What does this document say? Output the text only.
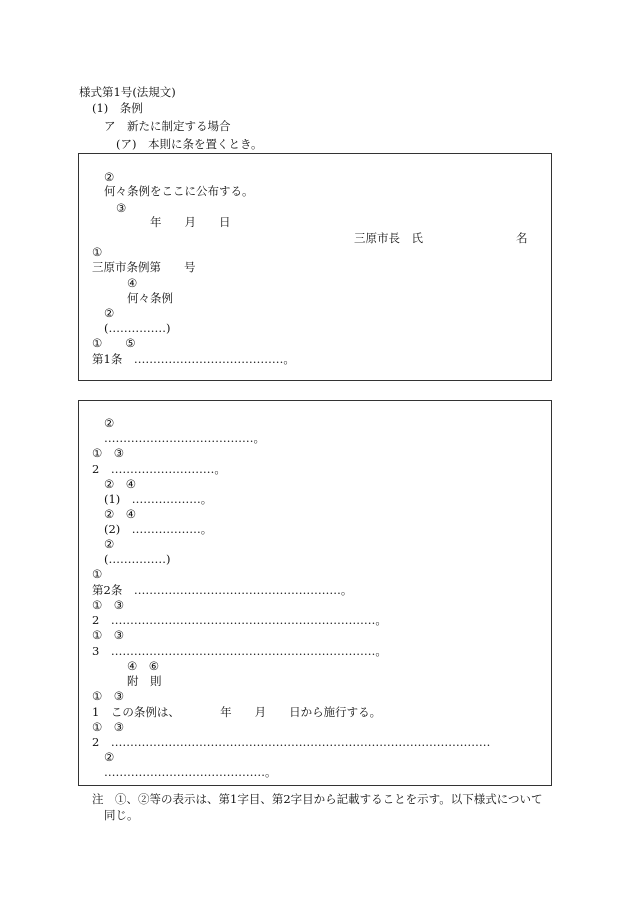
様式第1号(法規文)
(1)　条例
ア　新たに制定する場合
(ア)　本則に条を置くとき。
②
何々条例をここに公布する。
③
年　　月　　日
三原市長　氏	名
①
三原市条例第　　号
④
何々条例
②
(……………)
①　　⑤
第1条　…………………………………。
②
…………………………………。
①　③
2　………………………。
②　④
(1)　………………。
②　④
(2)　………………。
②
(……………)
①
第2条　………………………………………………。
①　③
2　……………………………………………………………。
①　③
3　……………………………………………………………。
④　⑥
附　則
①　③
1　この条例は、　　　　年　　月　　日から施行する。
①　③
2　………………………………………………………………………………………
②
……………………………………。
注　①、②等の表示は、第1字目、第2字目から記載することを示す。以下様式について
同じ。
